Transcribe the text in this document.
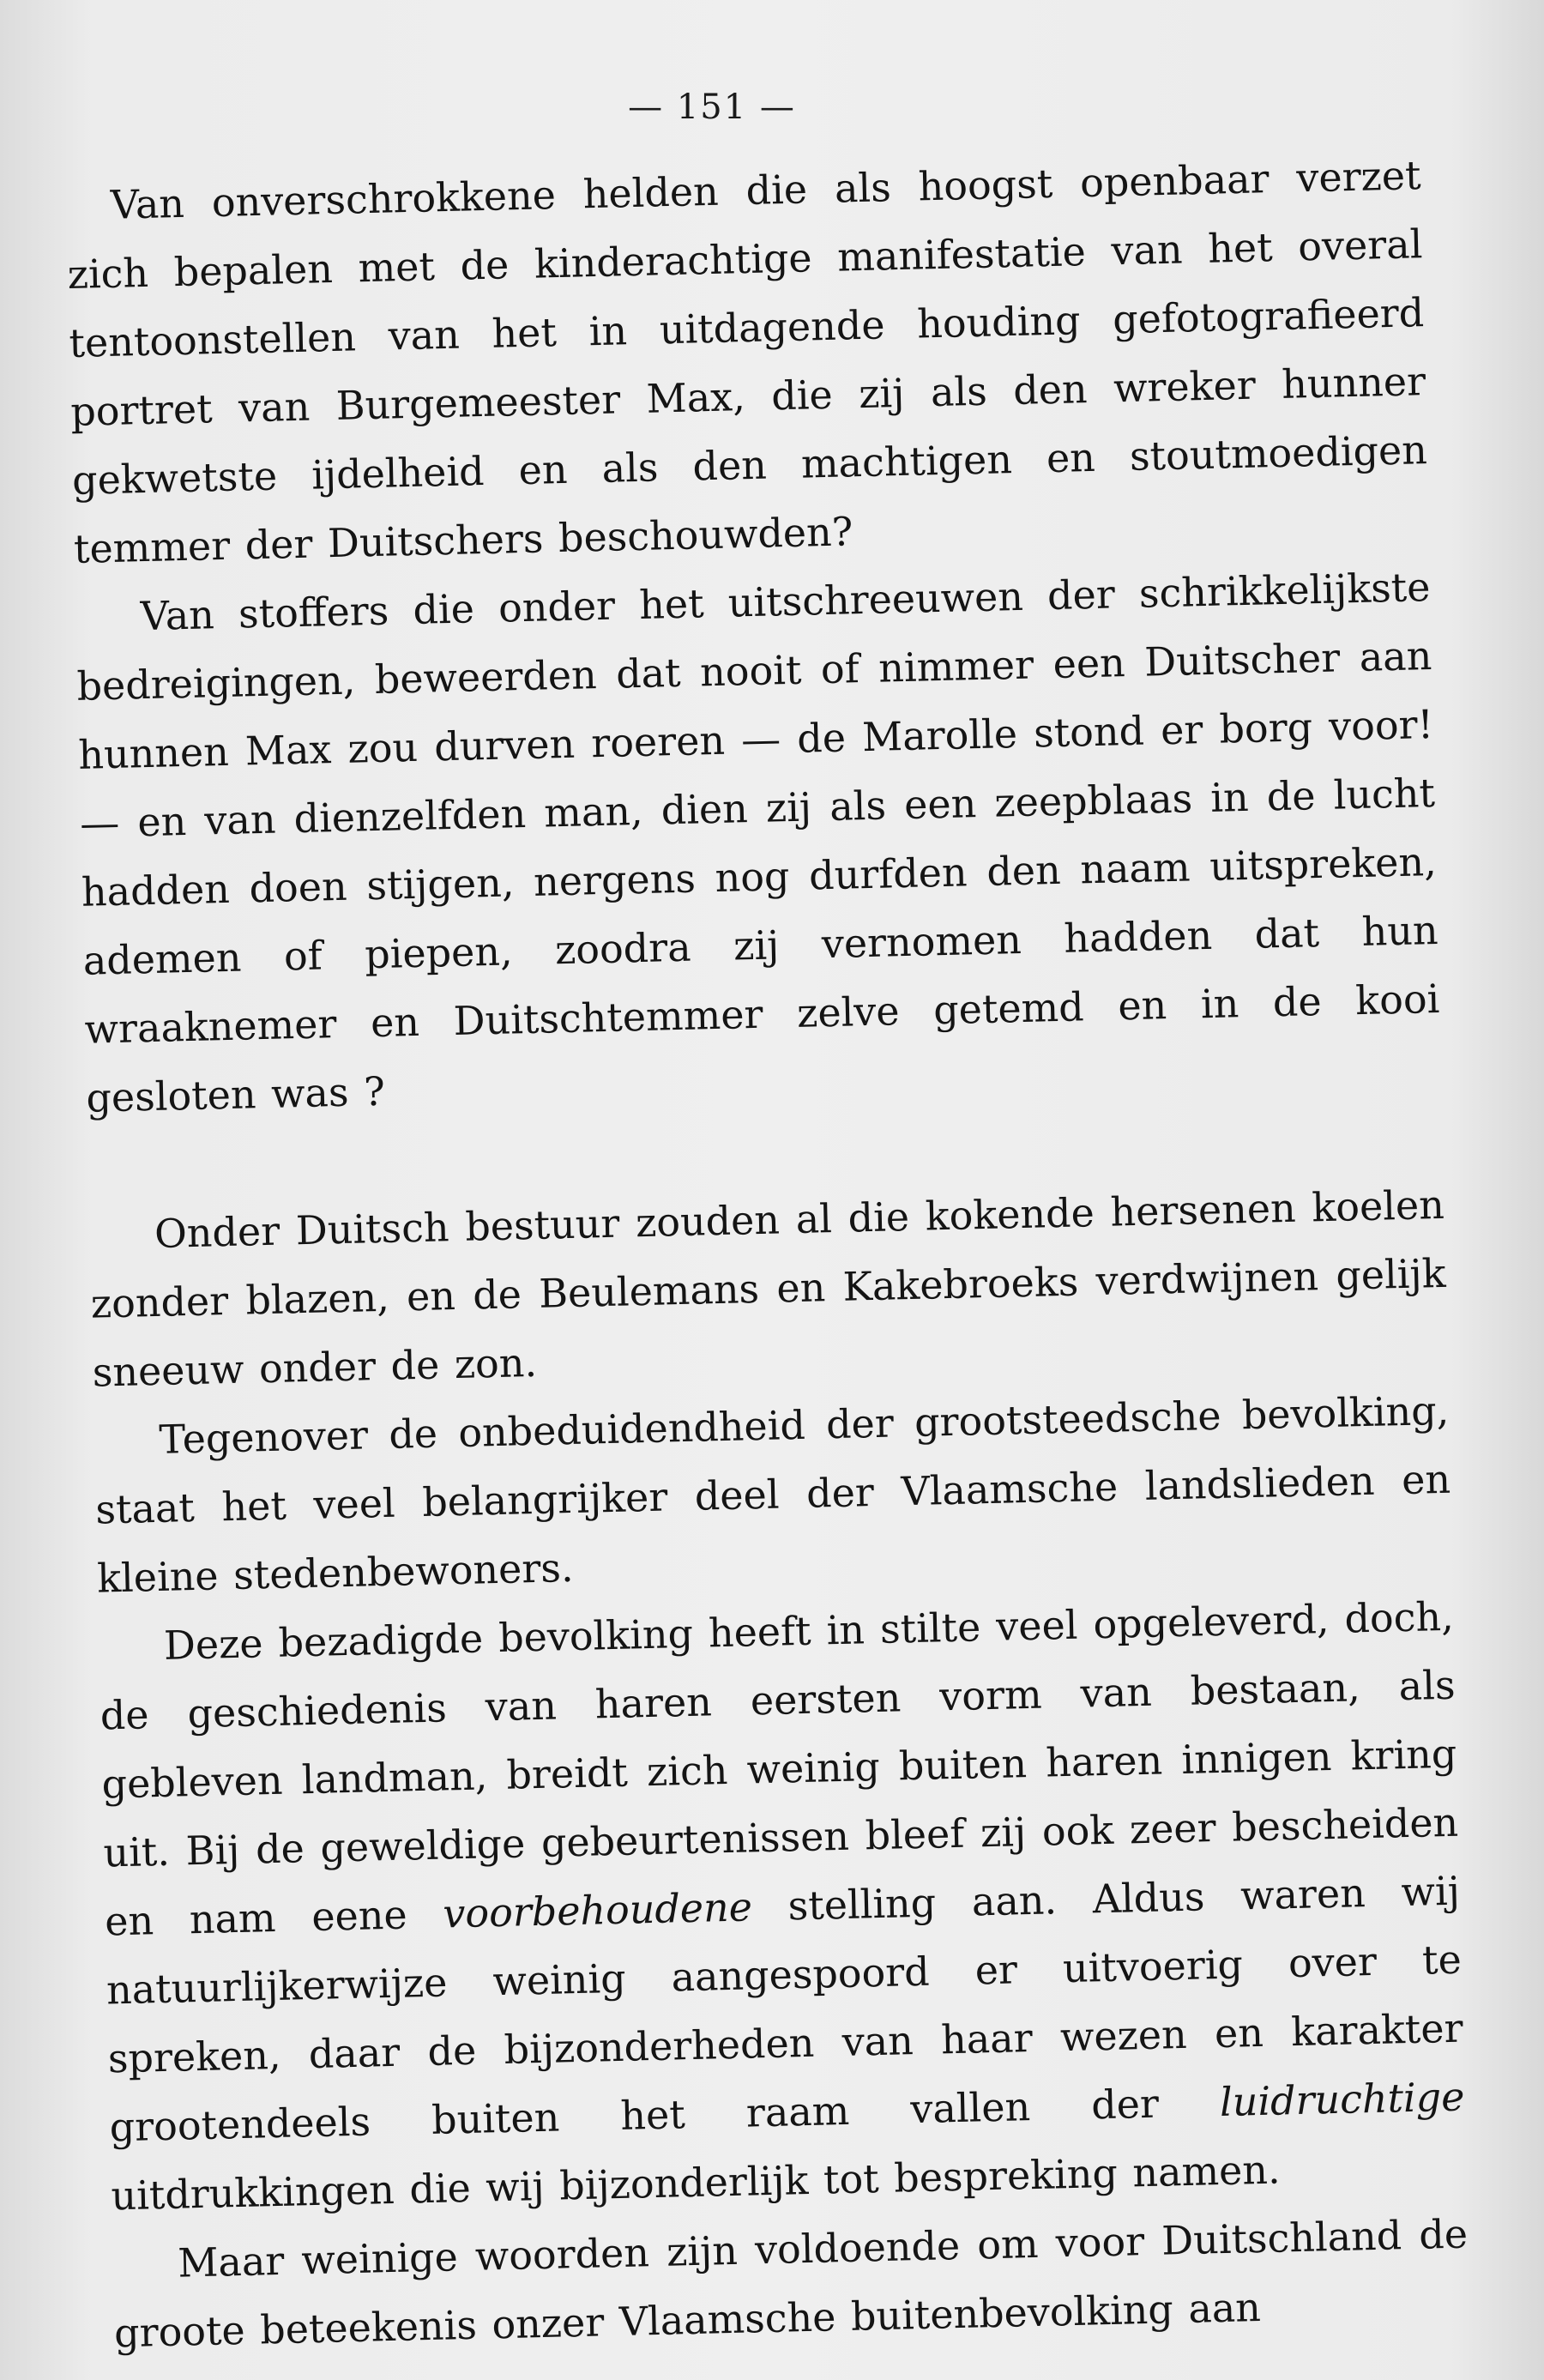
— 151 —

Van onverschrokkene helden die als hoogst openbaar verzet zich bepalen met de kinderachtige manifestatie van het overal tentoonstellen van het in uitdagende houding gefotografieerd portret van Burgemeester Max, die zij als den wreker hunner gekwetste ijdelheid en als den machtigen en stoutmoedigen temmer der Duitschers beschouwden?

Van stoffers die onder het uitschreeuwen der schrikkelijkste bedreigingen, beweerden dat nooit of nimmer een Duitscher aan hunnen Max zou durven roeren — de Marolle stond er borg voor! — en van dienzelfden man, dien zij als een zeepblaas in de lucht hadden doen stijgen, nergens nog durfden den naam uitspreken, ademen of piepen, zoodra zij vernomen hadden dat hun wraaknemer en Duitschtemmer zelve getemd en in de kooi gesloten was ?

Onder Duitsch bestuur zouden al die kokende hersenen koelen zonder blazen, en de Beulemans en Kakebroeks verdwijnen gelijk sneeuw onder de zon.

Tegenover de onbeduidendheid der grootsteedsche bevolking, staat het veel belangrijker deel der Vlaamsche landslieden en kleine stedenbewoners.

Deze bezadigde bevolking heeft in stilte veel opgeleverd, doch, de geschiedenis van haren eersten vorm van bestaan, als gebleven landman, breidt zich weinig buiten haren innigen kring uit. Bij de geweldige gebeurtenissen bleef zij ook zeer bescheiden en nam eene voorbehoudene stelling aan. Aldus waren wij natuurlijkerwijze weinig aangespoord er uitvoerig over te spreken, daar de bijzonderheden van haar wezen en karakter grootendeels buiten het raam vallen der luidruchtige uitdrukkingen die wij bijzonderlijk tot bespreking namen.

Maar weinige woorden zijn voldoende om voor Duitschland de groote beteekenis onzer Vlaamsche buitenbevolking aan
